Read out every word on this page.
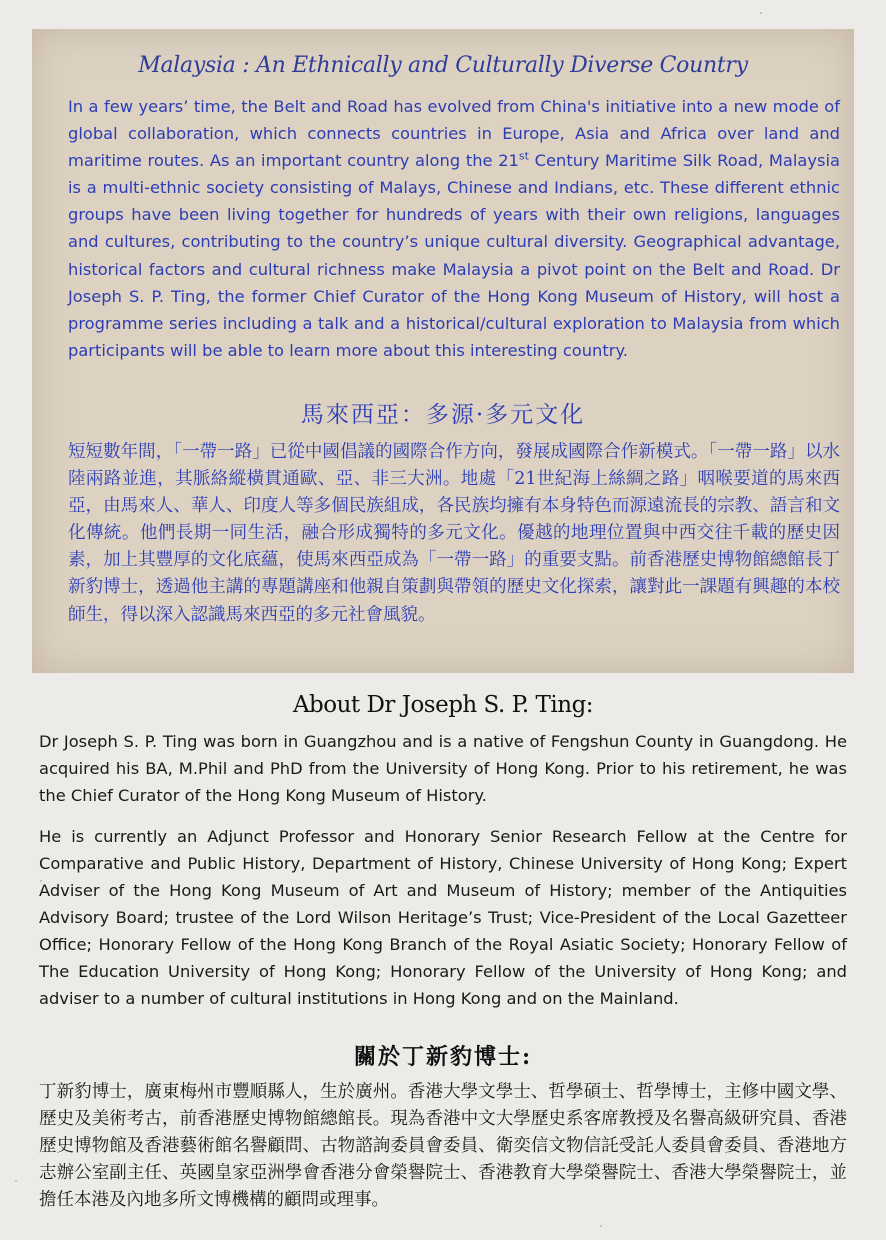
Malaysia : An Ethnically and Culturally Diverse Country

In a few years’ time, the Belt and Road has evolved from China's initiative into a new mode of global collaboration, which connects countries in Europe, Asia and Africa over land and maritime routes. As an important country along the 21st Century Maritime Silk Road, Malaysia is a multi-ethnic society consisting of Malays, Chinese and Indians, etc. These different ethnic groups have been living together for hundreds of years with their own religions, languages and cultures, contributing to the country’s unique cultural diversity. Geographical advantage, historical factors and cultural richness make Malaysia a pivot point on the Belt and Road. Dr Joseph S. P. Ting, the former Chief Curator of the Hong Kong Museum of History, will host a programme series including a talk and a historical/cultural exploration to Malaysia from which participants will be able to learn more about this interesting country.

馬來西亞：多源·多元文化

短短數年間，「一帶一路」已從中國倡議的國際合作方向，發展成國際合作新模式。「一帶一路」以水陸兩路並進，其脈絡縱橫貫通歐、亞、非三大洲。地處「21世紀海上絲綢之路」咽喉要道的馬來西亞，由馬來人、華人、印度人等多個民族組成，各民族均擁有本身特色而源遠流長的宗教、語言和文化傳統。他們長期一同生活，融合形成獨特的多元文化。優越的地理位置與中西交往千載的歷史因素，加上其豐厚的文化底蘊，使馬來西亞成為「一帶一路」的重要支點。前香港歷史博物館總館長丁新豹博士，透過他主講的專題講座和他親自策劃與帶領的歷史文化探索，讓對此一課題有興趣的本校師生，得以深入認識馬來西亞的多元社會風貌。

About Dr Joseph S. P. Ting:

Dr Joseph S. P. Ting was born in Guangzhou and is a native of Fengshun County in Guangdong. He acquired his BA, M.Phil and PhD from the University of Hong Kong. Prior to his retirement, he was the Chief Curator of the Hong Kong Museum of History.

He is currently an Adjunct Professor and Honorary Senior Research Fellow at the Centre for Comparative and Public History, Department of History, Chinese University of Hong Kong; Expert Adviser of the Hong Kong Museum of Art and Museum of History; member of the Antiquities Advisory Board; trustee of the Lord Wilson Heritage’s Trust; Vice-President of the Local Gazetteer Office; Honorary Fellow of the Hong Kong Branch of the Royal Asiatic Society; Honorary Fellow of The Education University of Hong Kong; Honorary Fellow of the University of Hong Kong; and adviser to a number of cultural institutions in Hong Kong and on the Mainland.

關於丁新豹博士:

丁新豹博士，廣東梅州市豐順縣人，生於廣州。香港大學文學士、哲學碩士、哲學博士，主修中國文學、歷史及美術考古，前香港歷史博物館總館長。現為香港中文大學歷史系客席教授及名譽高級研究員、香港歷史博物館及香港藝術館名譽顧問、古物諮詢委員會委員、衛奕信文物信託受託人委員會委員、香港地方志辦公室副主任、英國皇家亞洲學會香港分會榮譽院士、香港教育大學榮譽院士、香港大學榮譽院士，並擔任本港及內地多所文博機構的顧問或理事。
